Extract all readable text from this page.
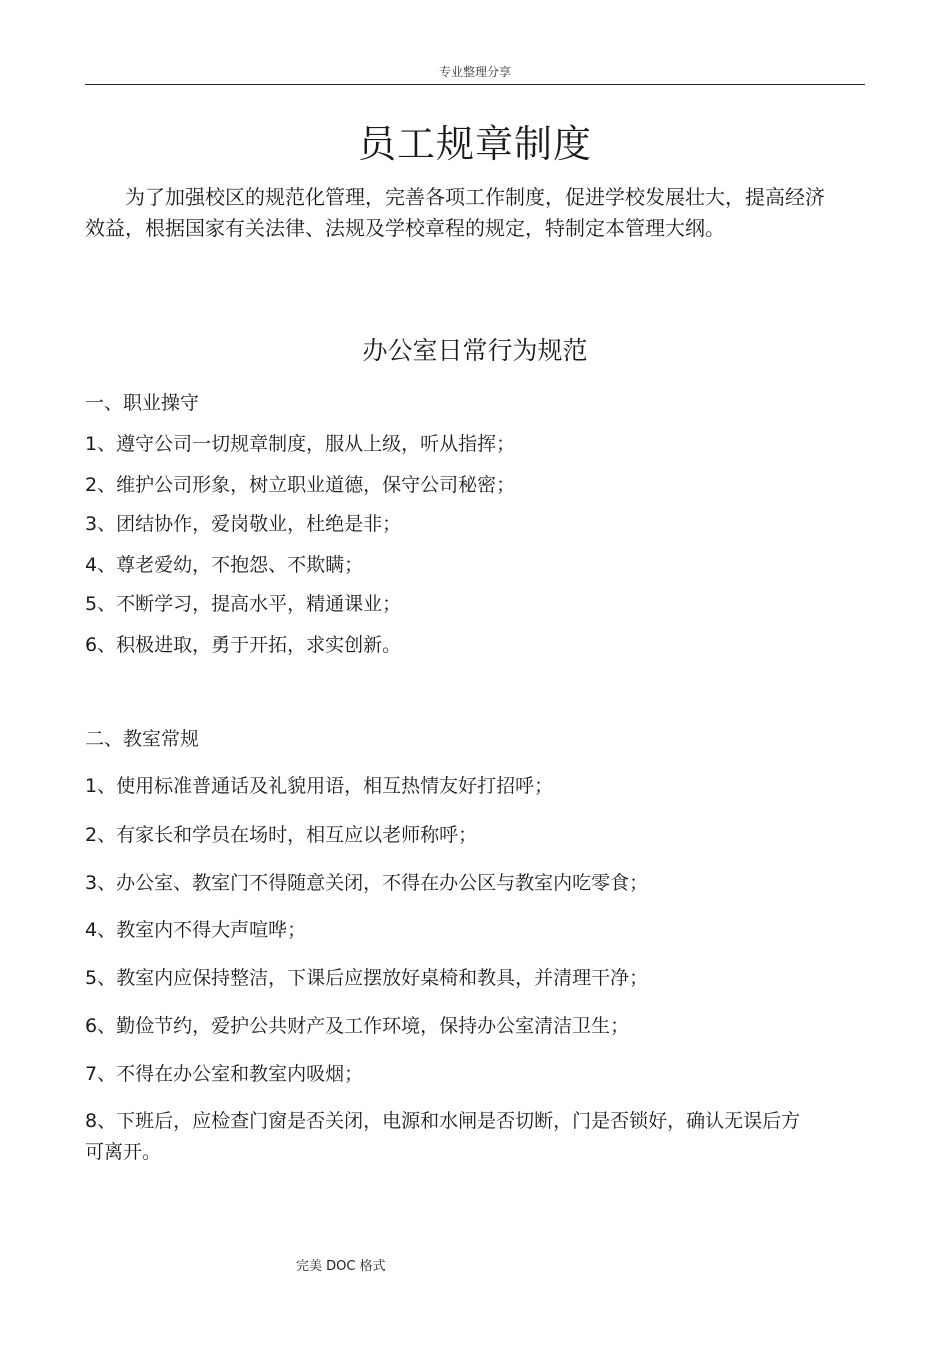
专业整理分享
员工规章制度
为了加强校区的规范化管理，完善各项工作制度，促进学校发展壮大，提高经济效益，根据国家有关法律、法规及学校章程的规定，特制定本管理大纲。
办公室日常行为规范
一、职业操守
1、遵守公司一切规章制度，服从上级，听从指挥；
2、维护公司形象，树立职业道德，保守公司秘密；
3、团结协作，爱岗敬业，杜绝是非；
4、尊老爱幼，不抱怨、不欺瞒；
5、不断学习，提高水平，精通课业；
6、积极进取，勇于开拓，求实创新。
二、教室常规
1、使用标准普通话及礼貌用语，相互热情友好打招呼；
2、有家长和学员在场时，相互应以老师称呼；
3、办公室、教室门不得随意关闭，不得在办公区与教室内吃零食；
4、教室内不得大声喧哗；
5、教室内应保持整洁，下课后应摆放好桌椅和教具，并清理干净；
6、勤俭节约，爱护公共财产及工作环境，保持办公室清洁卫生；
7、不得在办公室和教室内吸烟；
8、下班后，应检查门窗是否关闭，电源和水闸是否切断，门是否锁好，确认无误后方可离开。
完美 DOC 格式
